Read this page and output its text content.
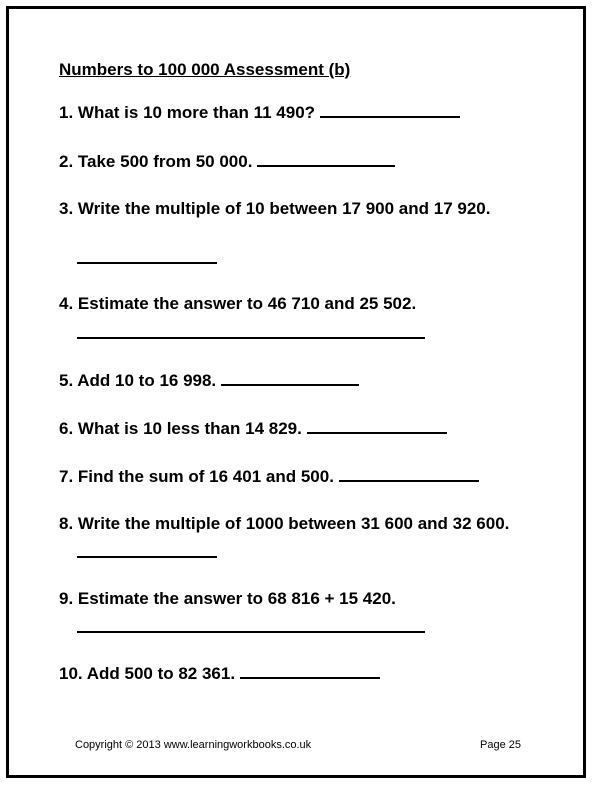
Numbers to 100 000 Assessment (b)
1. What is 10 more than 11 490?
2. Take 500 from 50 000.
3. Write the multiple of 10 between 17 900 and 17 920.
4. Estimate the answer to 46 710 and 25 502.
5. Add 10 to 16 998.
6. What is 10 less than 14 829.
7. Find the sum of 16 401 and 500.
8. Write the multiple of 1000 between 31 600 and 32 600.
9. Estimate the answer to 68 816 + 15 420.
10. Add 500 to 82 361.
Copyright © 2013 www.learningworkbooks.co.uk	Page 25
